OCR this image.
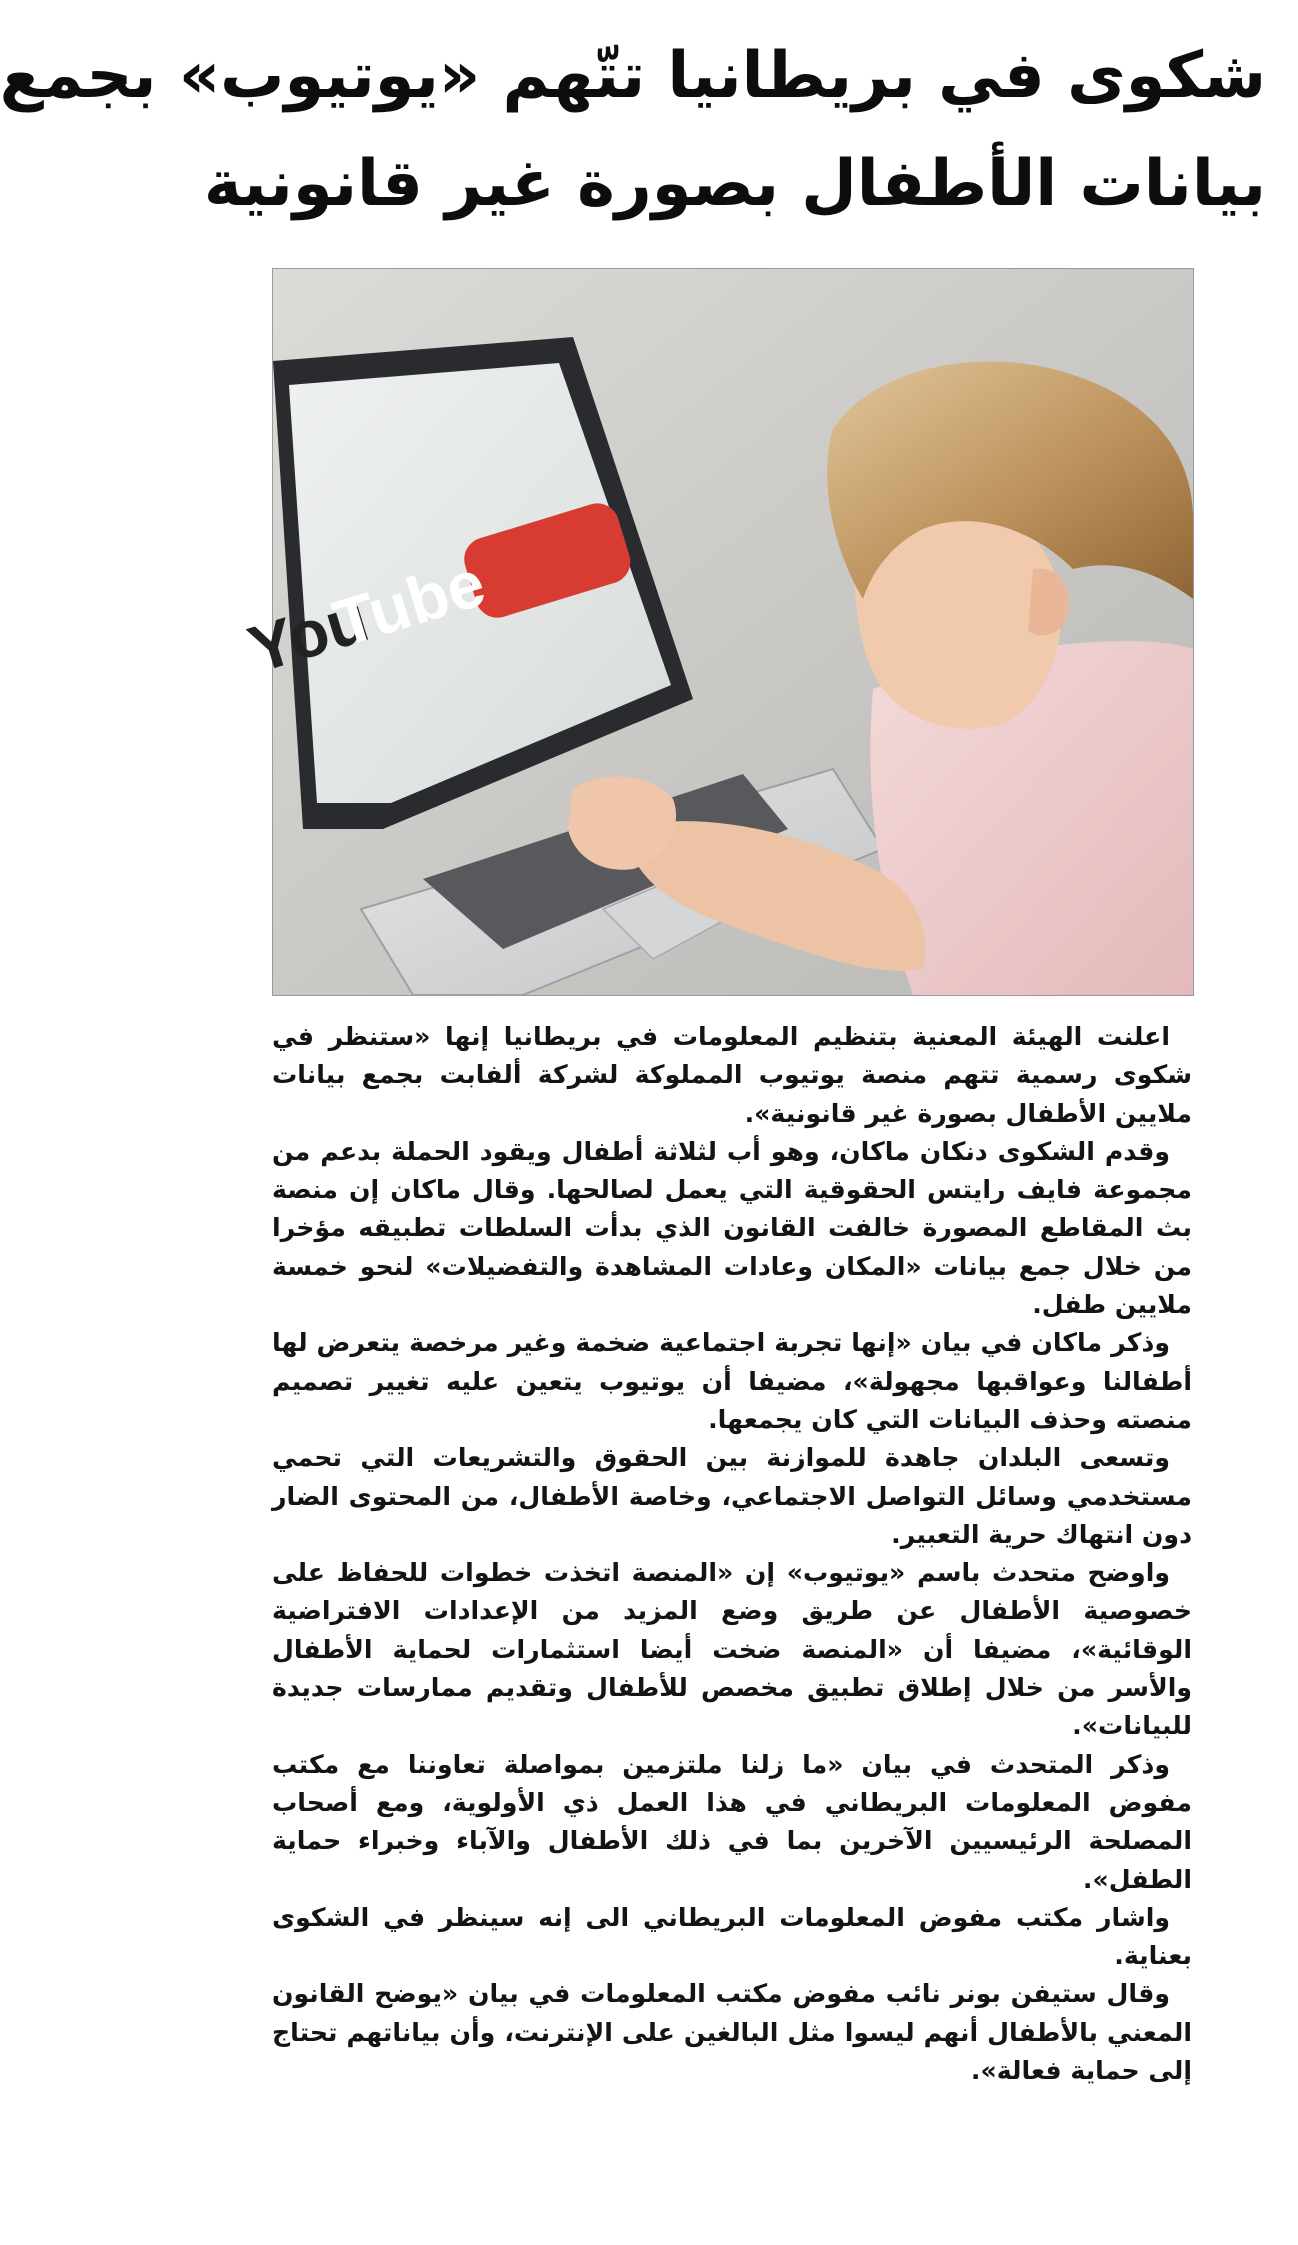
شكوى في بريطانيا تتّهم «يوتيوب» بجمع
بيانات الأطفال بصورة غير قانونية
You
Tube

اعلنت الهيئة المعنية بتنظيم المعلومات في بريطانيا إنها «ستنظر في شكوى رسمية تتهم منصة يوتيوب المملوكة لشركة ألفابت بجمع بيانات ملايين الأطفال بصورة غير قانونية».

وقدم الشكوى دنكان ماكان، وهو أب لثلاثة أطفال ويقود الحملة بدعم من مجموعة فايف رايتس الحقوقية التي يعمل لصالحها. وقال ماكان إن منصة بث المقاطع المصورة خالفت القانون الذي بدأت السلطات تطبيقه مؤخرا من خلال جمع بيانات «المكان وعادات المشاهدة والتفضيلات» لنحو خمسة ملايين طفل.

وذكر ماكان في بيان «إنها تجربة اجتماعية ضخمة وغير مرخصة يتعرض لها أطفالنا وعواقبها مجهولة»، مضيفا أن يوتيوب يتعين عليه تغيير تصميم منصته وحذف البيانات التي كان يجمعها.

وتسعى البلدان جاهدة للموازنة بين الحقوق والتشريعات التي تحمي مستخدمي وسائل التواصل الاجتماعي، وخاصة الأطفال، من المحتوى الضار دون انتهاك حرية التعبير.

واوضح متحدث باسم «يوتيوب» إن «المنصة اتخذت خطوات للحفاظ على خصوصية الأطفال عن طريق وضع المزيد من الإعدادات الافتراضية الوقائية»، مضيفا أن «المنصة ضخت أيضا استثمارات لحماية الأطفال والأسر من خلال إطلاق تطبيق مخصص للأطفال وتقديم ممارسات جديدة للبيانات».

وذكر المتحدث في بيان «ما زلنا ملتزمين بمواصلة تعاوننا مع مكتب مفوض المعلومات البريطاني في هذا العمل ذي الأولوية، ومع أصحاب المصلحة الرئيسيين الآخرين بما في ذلك الأطفال والآباء وخبراء حماية الطفل».

واشار مكتب مفوض المعلومات البريطاني الى إنه سينظر في الشكوى بعناية.

وقال ستيفن بونر نائب مفوض مكتب المعلومات في بيان «يوضح القانون المعني بالأطفال أنهم ليسوا مثل البالغين على الإنترنت، وأن بياناتهم تحتاج إلى حماية فعالة».
